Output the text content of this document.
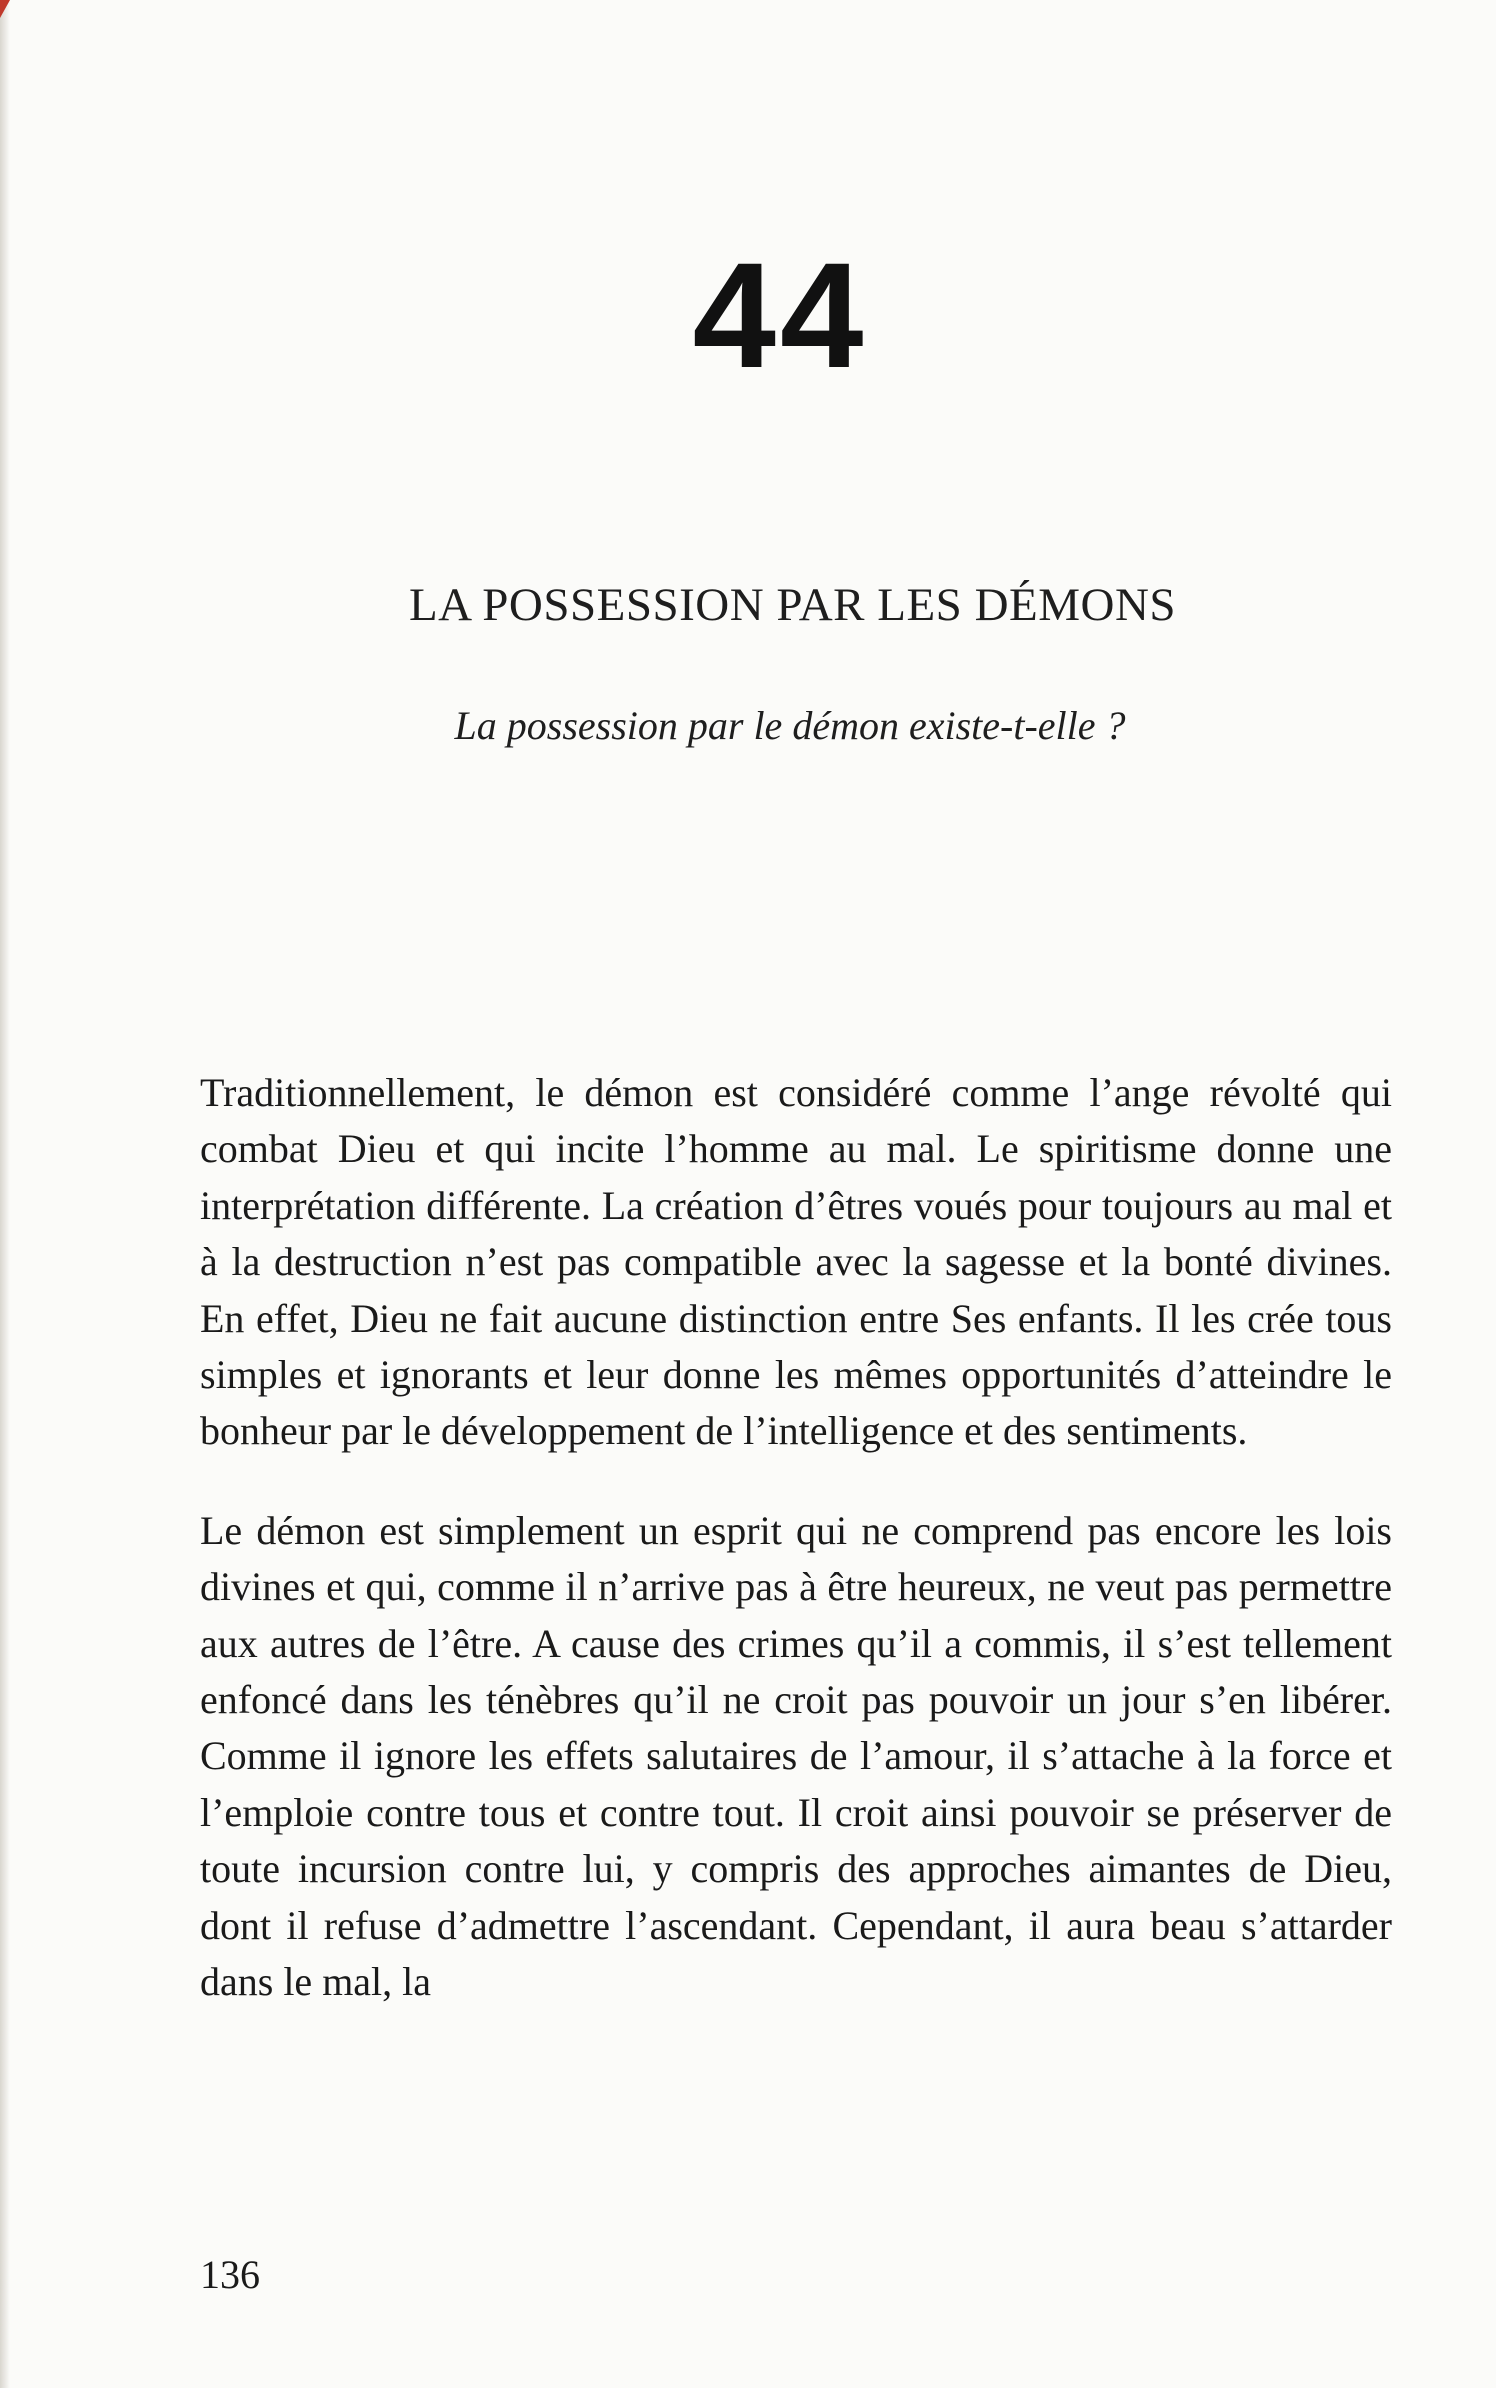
44
LA POSSESSION PAR LES DÉMONS
La possession par le démon existe-t-elle ?

Traditionnellement, le démon est considéré comme l’ange révolté qui combat Dieu et qui incite l’homme au mal. Le spiritisme donne une interprétation différente. La création d’êtres voués pour toujours au mal et à la destruction n’est pas compatible avec la sagesse et la bonté divines. En effet, Dieu ne fait aucune distinction entre Ses enfants. Il les crée tous simples et ignorants et leur donne les mêmes opportunités d’atteindre le bonheur par le développement de l’intelligence et des sentiments.

Le démon est simplement un esprit qui ne comprend pas encore les lois divines et qui, comme il n’arrive pas à être heureux, ne veut pas permettre aux autres de l’être. A cause des crimes qu’il a commis, il s’est tellement enfoncé dans les ténèbres qu’il ne croit pas pouvoir un jour s’en libérer. Comme il ignore les effets salutaires de l’amour, il s’attache à la force et l’emploie contre tous et contre tout. Il croit ainsi pouvoir se préserver de toute incursion contre lui, y compris des approches aimantes de Dieu, dont il refuse d’admettre l’ascendant. Cependant, il aura beau s’attarder dans le mal, la

136
